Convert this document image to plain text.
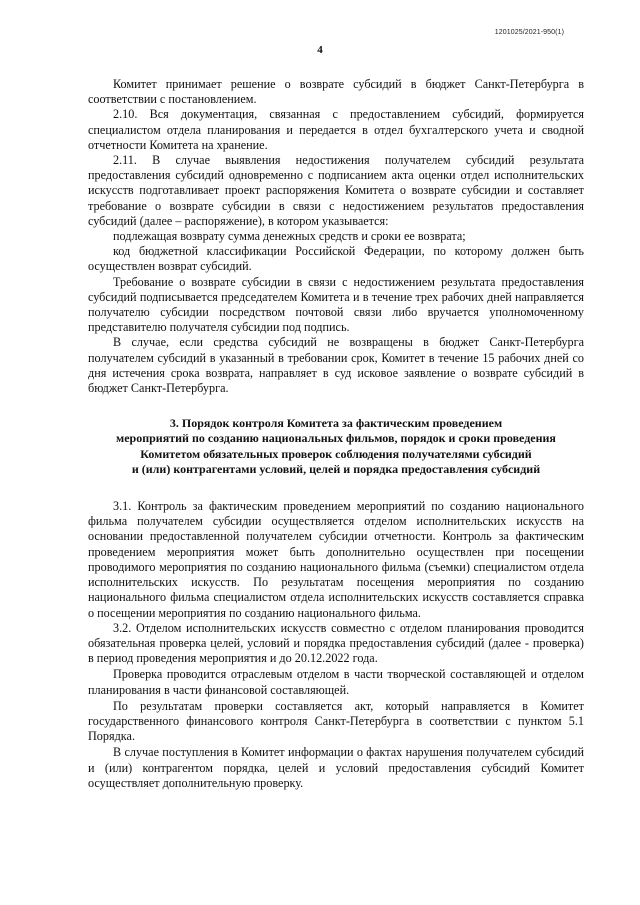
1201025/2021-950(1)
4

Комитет принимает решение о возврате субсидий в бюджет Санкт-Петербурга в соответствии с постановлением.

2.10. Вся документация, связанная с предоставлением субсидий, формируется специалистом отдела планирования и передается в отдел бухгалтерского учета и сводной отчетности Комитета на хранение.

2.11. В случае выявления недостижения получателем субсидий результата предоставления субсидий одновременно с подписанием акта оценки отдел исполнительских искусств подготавливает проект распоряжения Комитета о возврате субсидии и составляет требование о возврате субсидии в связи с недостижением результатов предоставления субсидий (далее – распоряжение), в котором указывается:

подлежащая возврату сумма денежных средств и сроки ее возврата;

код бюджетной классификации Российской Федерации, по которому должен быть осуществлен возврат субсидий.

Требование о возврате субсидии в связи с недостижением результата предоставления субсидий подписывается председателем Комитета и в течение трех рабочих дней направляется получателю субсидии посредством почтовой связи либо вручается уполномоченному представителю получателя субсидии под подпись.

В случае, если средства субсидий не возвращены в бюджет Санкт-Петербурга получателем субсидий в указанный в требовании срок, Комитет в течение 15 рабочих дней со дня истечения срока возврата, направляет в суд исковое заявление о возврате субсидий в бюджет Санкт-Петербурга.

3. Порядок контроля Комитета за фактическим проведением
мероприятий по созданию национальных фильмов, порядок и сроки проведения
Комитетом обязательных проверок соблюдения получателями субсидий
и (или) контрагентами условий, целей и порядка предоставления субсидий

3.1. Контроль за фактическим проведением мероприятий по созданию национального фильма получателем субсидии осуществляется отделом исполнительских искусств на основании предоставленной получателем субсидии отчетности. Контроль за фактическим проведением мероприятия может быть дополнительно осуществлен при посещении проводимого мероприятия по созданию национального фильма (съемки) специалистом отдела исполнительских искусств. По результатам посещения мероприятия по созданию национального фильма специалистом отдела исполнительских искусств составляется справка о посещении мероприятия по созданию национального фильма.

3.2. Отделом исполнительских искусств совместно с отделом планирования проводится обязательная проверка целей, условий и порядка предоставления субсидий (далее - проверка) в период проведения мероприятия и до 20.12.2022 года.

Проверка проводится отраслевым отделом в части творческой составляющей и отделом планирования в части финансовой составляющей.

По результатам проверки составляется акт, который направляется в Комитет государственного финансового контроля Санкт-Петербурга в соответствии с пунктом 5.1 Порядка.

В случае поступления в Комитет информации о фактах нарушения получателем субсидий и (или) контрагентом порядка, целей и условий предоставления субсидий Комитет осуществляет дополнительную проверку.
